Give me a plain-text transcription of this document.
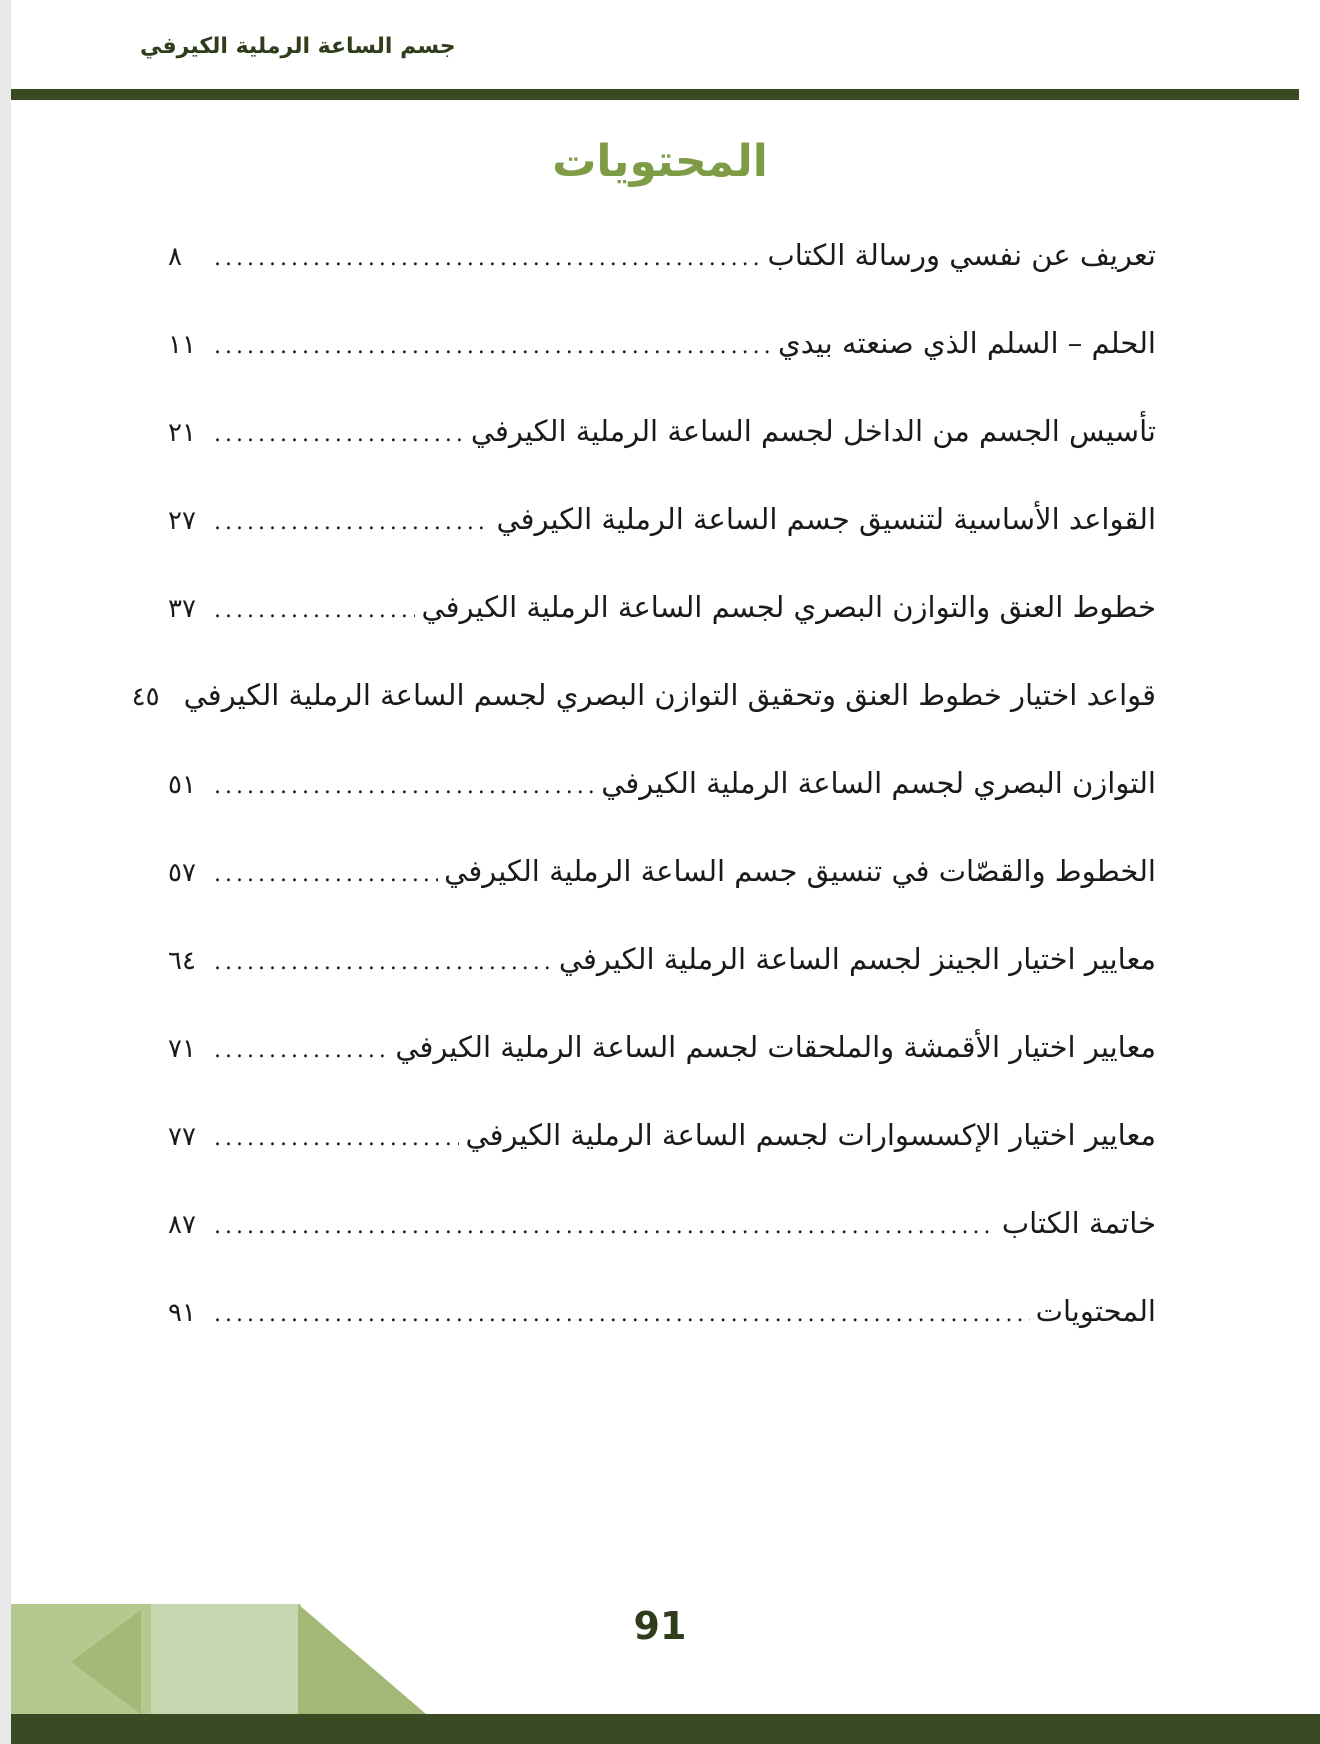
جسم الساعة الرملية الكيرفي
المحتويات
تعريف عن نفسي ورسالة الكتاب
.....
٨
الحلم – السلم الذي صنعته بيدي
.....
١١
تأسيس الجسم من الداخل لجسم الساعة الرملية الكيرفي
.....
٢١
القواعد الأساسية لتنسيق جسم الساعة الرملية الكيرفي
.....
٢٧
خطوط العنق والتوازن البصري لجسم الساعة الرملية الكيرفي
.....
٣٧
قواعد اختيار خطوط العنق وتحقيق التوازن البصري لجسم الساعة الرملية الكيرفي
٤٥
التوازن البصري لجسم الساعة الرملية الكيرفي
.....
٥١
الخطوط والقصّات في تنسيق جسم الساعة الرملية الكيرفي
.....
٥٧
معايير اختيار الجينز لجسم الساعة الرملية الكيرفي
.....
٦٤
معايير اختيار الأقمشة والملحقات لجسم الساعة الرملية الكيرفي
.....
٧١
معايير اختيار الإكسسوارات لجسم الساعة الرملية الكيرفي
.....
٧٧
خاتمة الكتاب
.....
٨٧
المحتويات
.....
٩١
91
